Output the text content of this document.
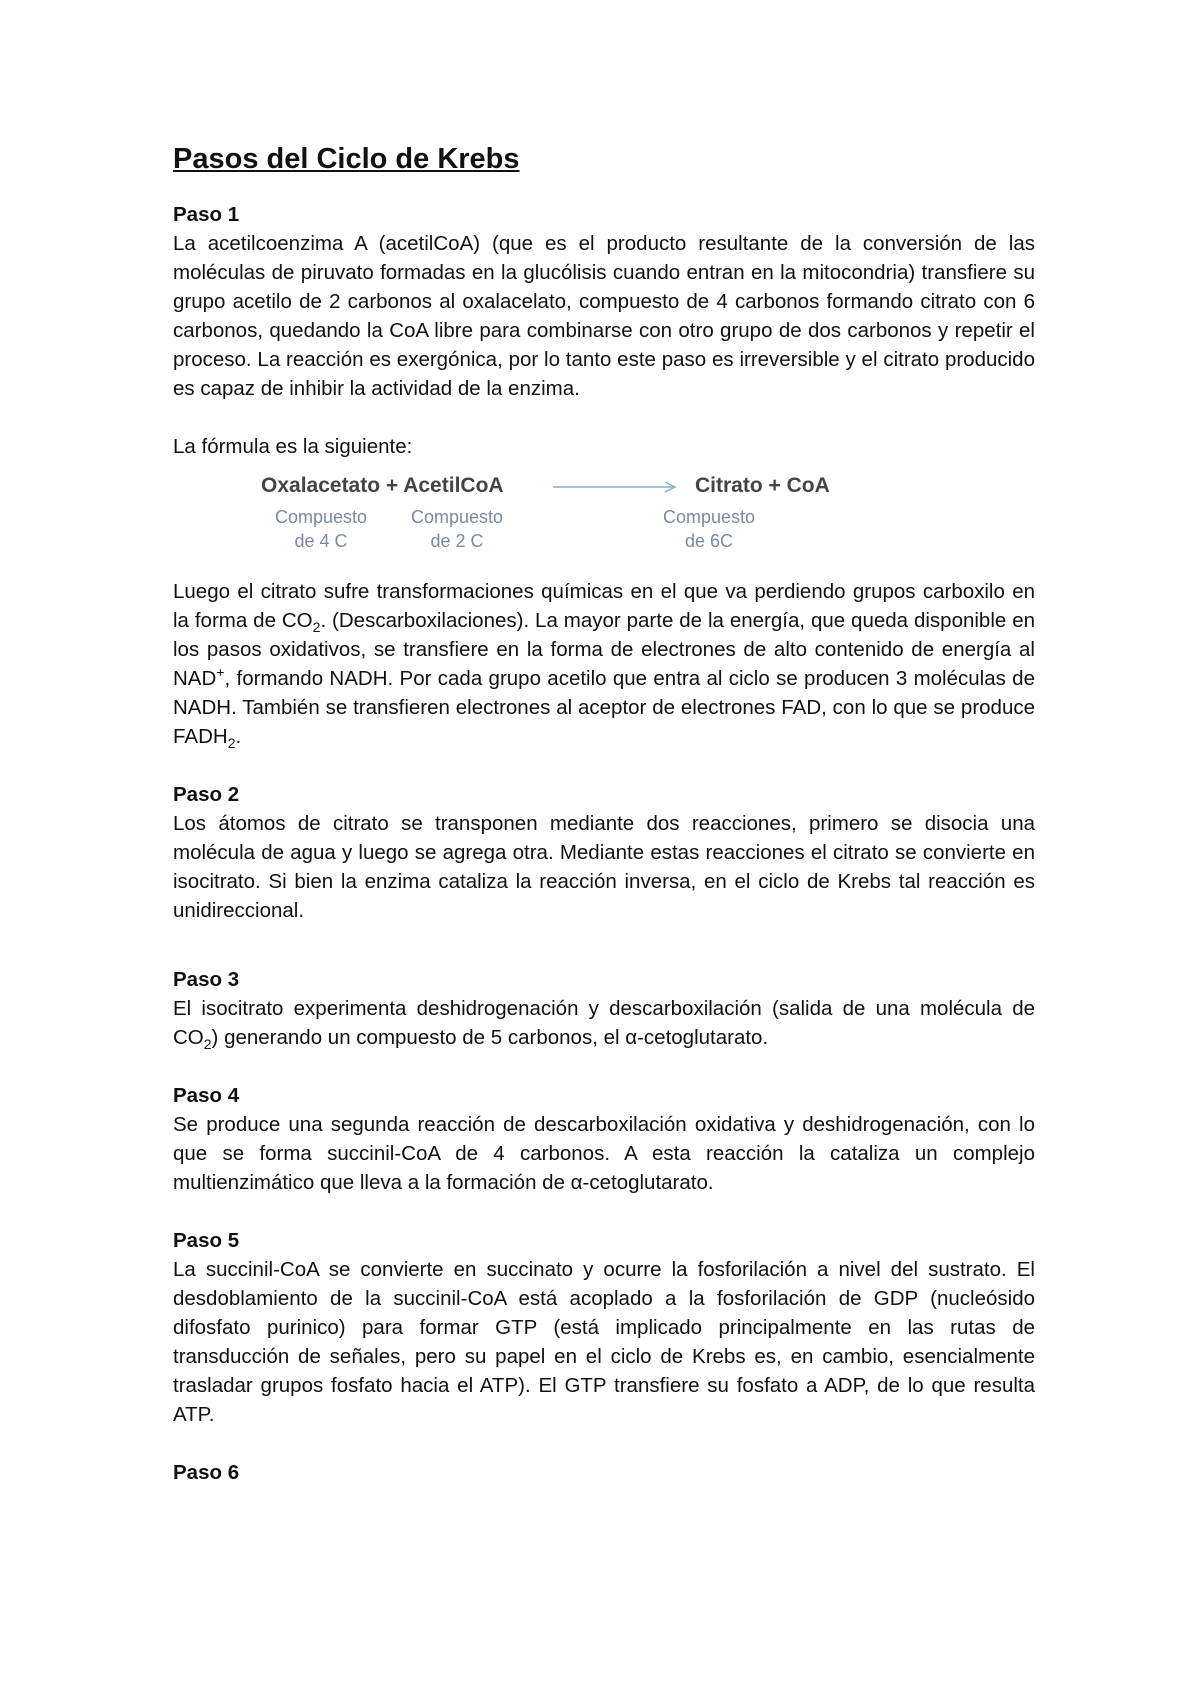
Pasos del Ciclo de Krebs

Paso 1

La acetilcoenzima A (acetilCoA) (que es el producto resultante de la conversión de las moléculas de piruvato formadas en la glucólisis cuando entran en la mitocondria) transfiere su grupo acetilo de 2 carbonos al oxalacelato, compuesto de 4 carbonos formando citrato con 6 carbonos, quedando la CoA libre para combinarse con otro grupo de dos carbonos y repetir el proceso. La reacción es exergónica, por lo tanto este paso es irreversible y el citrato producido es capaz de inhibir la actividad de la enzima.

La fórmula es la siguiente:

Oxalacetato + AcetilCoA	Citrato + CoA
Compuesto
de 4 C
Compuesto
de 2 C
Compuesto
de 6C

Luego el citrato sufre transformaciones químicas en el que va perdiendo grupos carboxilo en la forma de $CO_2$. (Descarboxilaciones). La mayor parte de la energía, que queda disponible en los pasos oxidativos, se transfiere en la forma de electrones de alto contenido de energía al NAD+, formando NADH. Por cada grupo acetilo que entra al ciclo se producen 3 moléculas de NADH. También se transfieren electrones al aceptor de electrones FAD, con lo que se produce $FADH_2$.

Paso 2

Los átomos de citrato se transponen mediante dos reacciones, primero se disocia una molécula de agua y luego se agrega otra. Mediante estas reacciones el citrato se convierte en isocitrato. Si bien la enzima cataliza la reacción inversa, en el ciclo de Krebs tal reacción es unidireccional.

Paso 3

El isocitrato experimenta deshidrogenación y descarboxilación (salida de una molécula de $CO_2$) generando un compuesto de 5 carbonos, el α-cetoglutarato.

Paso 4

Se produce una segunda reacción de descarboxilación oxidativa y deshidrogenación, con lo que se forma succinil-CoA de 4 carbonos. A esta reacción la cataliza un complejo multienzimático que lleva a la formación de α-cetoglutarato.

Paso 5

La succinil-CoA se convierte en succinato y ocurre la fosforilación a nivel del sustrato. El desdoblamiento de la succinil-CoA está acoplado a la fosforilación de GDP (nucleósido difosfato purinico) para formar GTP (está implicado principalmente en las rutas de transducción de señales, pero su papel en el ciclo de Krebs es, en cambio, esencialmente trasladar grupos fosfato hacia el ATP). El GTP transfiere su fosfato a ADP, de lo que resulta ATP.

Paso 6
